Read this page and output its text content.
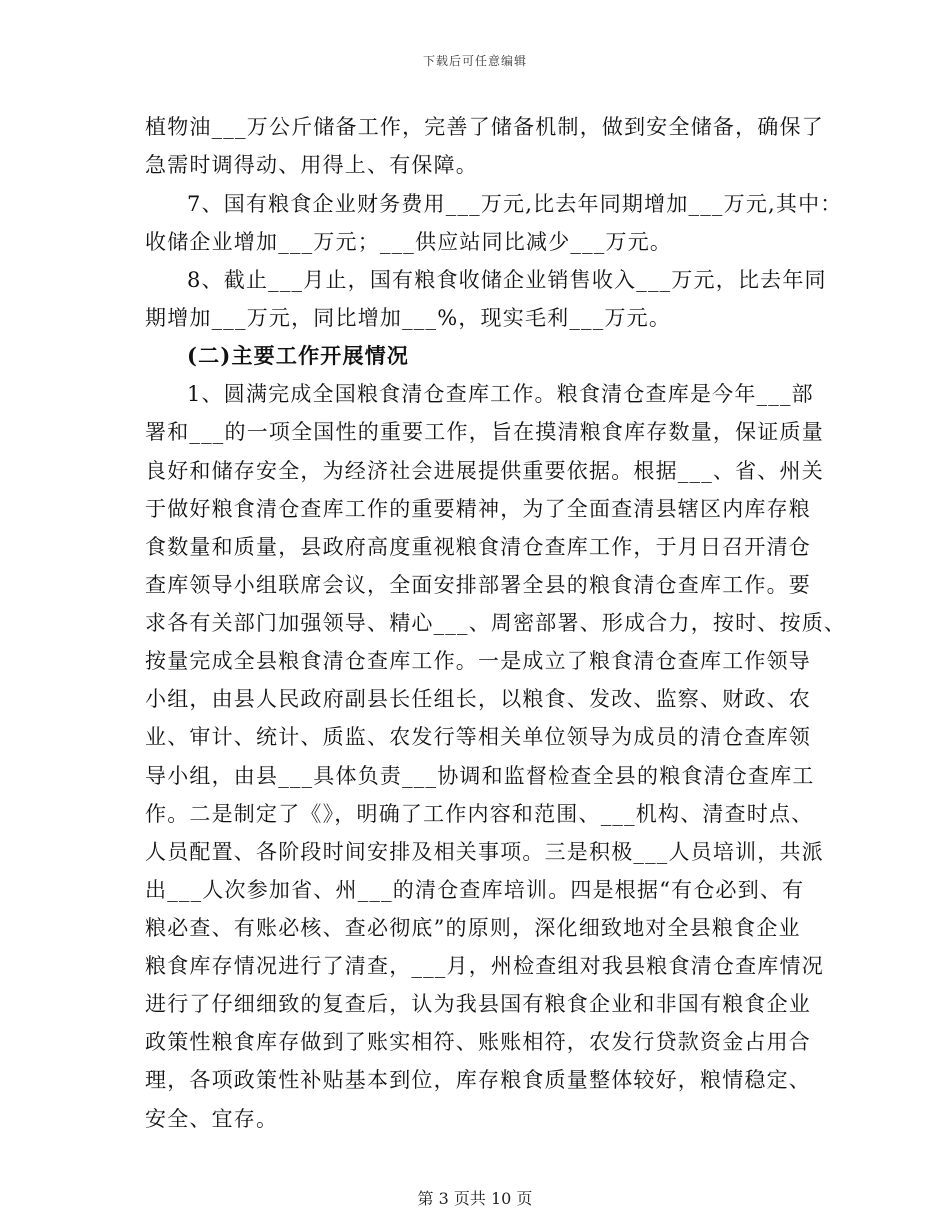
下载后可任意编辑
植物油___万公斤储备工作，完善了储备机制，做到安全储备，确保了
急需时调得动、用得上、有保障。
7、国有粮食企业财务费用___万元,比去年同期增加___万元,其中：
收储企业增加___万元；___供应站同比减少___万元。
8、截止___月止，国有粮食收储企业销售收入___万元，比去年同
期增加___万元，同比增加___%，现实毛利___万元。
(二)主要工作开展情况
1、圆满完成全国粮食清仓查库工作。粮食清仓查库是今年___部
署和___的一项全国性的重要工作，旨在摸清粮食库存数量，保证质量
良好和储存安全，为经济社会进展提供重要依据。根据___、省、州关
于做好粮食清仓查库工作的重要精神，为了全面查清县辖区内库存粮
食数量和质量，县政府高度重视粮食清仓查库工作，于月日召开清仓
查库领导小组联席会议，全面安排部署全县的粮食清仓查库工作。要
求各有关部门加强领导、精心___、周密部署、形成合力，按时、按质、
按量完成全县粮食清仓查库工作。一是成立了粮食清仓查库工作领导
小组，由县人民政府副县长任组长，以粮食、发改、监察、财政、农
业、审计、统计、质监、农发行等相关单位领导为成员的清仓查库领
导小组，由县___具体负责___协调和监督检查全县的粮食清仓查库工
作。二是制定了《》，明确了工作内容和范围、___机构、清查时点、
人员配置、各阶段时间安排及相关事项。三是积极___人员培训，共派
出___人次参加省、州___的清仓查库培训。四是根据“有仓必到、有
粮必查、有账必核、查必彻底”的原则，深化细致地对全县粮食企业
粮食库存情况进行了清查，___月，州检查组对我县粮食清仓查库情况
进行了仔细细致的复查后，认为我县国有粮食企业和非国有粮食企业
政策性粮食库存做到了账实相符、账账相符，农发行贷款资金占用合
理，各项政策性补贴基本到位，库存粮食质量整体较好，粮情稳定、
安全、宜存。
第 3 页共 10 页
